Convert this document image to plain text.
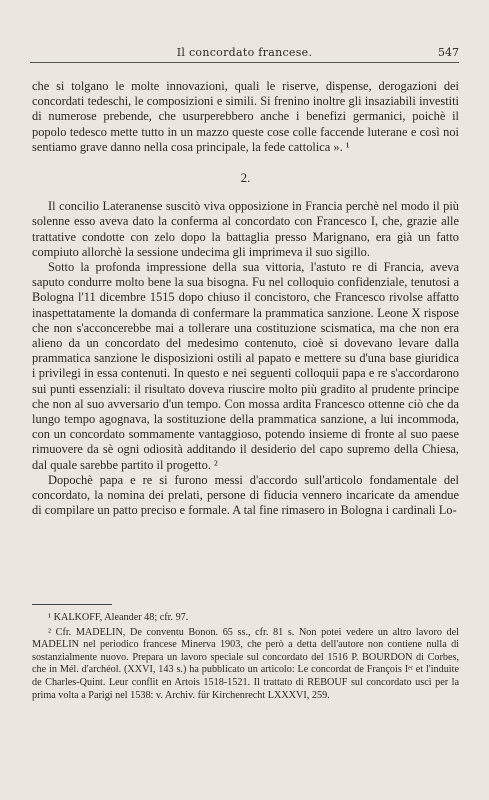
Il concordato francese.	547

che si tolgano le molte innovazioni, quali le riserve, dispense, derogazioni dei concordati tedeschi, le composizioni e simili. Si frenino inoltre gli insaziabili investiti di numerose prebende, che usurperebbero anche i benefizi germanici, poichè il popolo tedesco mette tutto in un mazzo queste cose colle faccende luterane e così noi sentiamo grave danno nella cosa principale, la fede cattolica ». ¹

2.

Il concilio Lateranense suscitò viva opposizione in Francia perchè nel modo il più solenne esso aveva dato la conferma al concordato con Francesco I, che, grazie alle trattative condotte con zelo dopo la battaglia presso Marignano, era già un fatto compiuto allorchè la sessione undecima gli imprimeva il suo sigillo.

Sotto la profonda impressione della sua vittoria, l'astuto re di Francia, aveva saputo condurre molto bene la sua bisogna. Fu nel colloquio confidenziale, tenutosi a Bologna l'11 dicembre 1515 dopo chiuso il concistoro, che Francesco rivolse affatto inaspettatamente la domanda di confermare la prammatica sanzione. Leone X rispose che non s'acconcerebbe mai a tollerare una costituzione scismatica, ma che non era alieno da un concordato del medesimo contenuto, cioè si dovevano levare dalla prammatica sanzione le disposizioni ostili al papato e mettere su d'una base giuridica i privilegi in essa contenuti. In questo e nei seguenti colloquii papa e re s'accordarono sui punti essenziali: il risultato doveva riuscire molto più gradito al prudente principe che non al suo avversario d'un tempo. Con mossa ardita Francesco ottenne ciò che da lungo tempo agognava, la sostituzione della prammatica sanzione, a lui incommoda, con un concordato sommamente vantaggioso, potendo insieme di fronte al suo paese rimuovere da sè ogni odiosità additando il desiderio del capo supremo della Chiesa, dal quale sarebbe partito il progetto. ²

Dopochè papa e re si furono messi d'accordo sull'articolo fondamentale del concordato, la nomina dei prelati, persone di fiducia vennero incaricate da amendue di compilare un patto preciso e formale. A tal fine rimasero in Bologna i cardinali Lo-

¹ KALKOFF, Aleander 48; cfr. 97.

² Cfr. MADELIN, De conventu Bonon. 65 ss., cfr. 81 s. Non potei vedere un altro lavoro del MADELIN nel periodico francese Minerva 1903, che però a detta dell'autore non contiene nulla di sostanzialmente nuovo. Prepara un lavoro speciale sul concordato del 1516 P. BOURDON di Corbes, che in Mél. d'archéol. (XXVI, 143 s.) ha pubblicato un articolo: Le concordat de François Iᵉʳ et l'induite de Charles-Quint. Leur conflit en Artois 1518-1521. Il trattato di REBOUF sul concordato uscì per la prima volta a Parigi nel 1538: v. Archiv. für Kirchenrecht LXXXVI, 259.
